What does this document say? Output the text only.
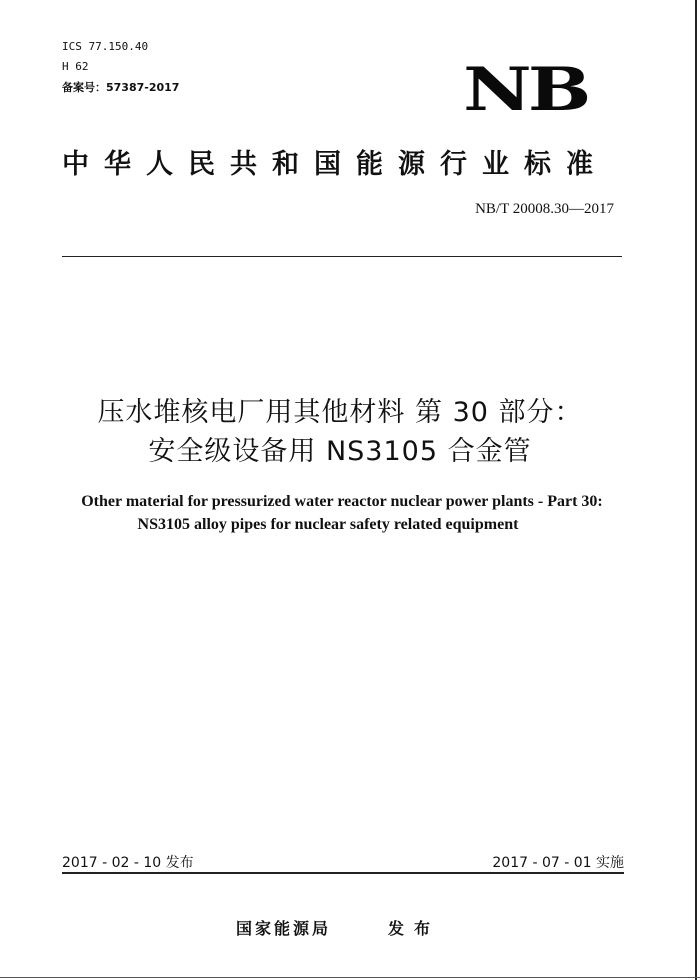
ICS 77.150.40
H 62
备案号：57387-2017	NB
中华人民共和国能源行业标准
NB/T 20008.30—2017
压水堆核电厂用其他材料 第 30 部分：
安全级设备用 NS3105 合金管
Other material for pressurized water reactor nuclear power plants - Part 30:
NS3105 alloy pipes for nuclear safety related equipment
2017 - 02 - 10 发布	2017 - 07 - 01 实施
国家能源局	发布
